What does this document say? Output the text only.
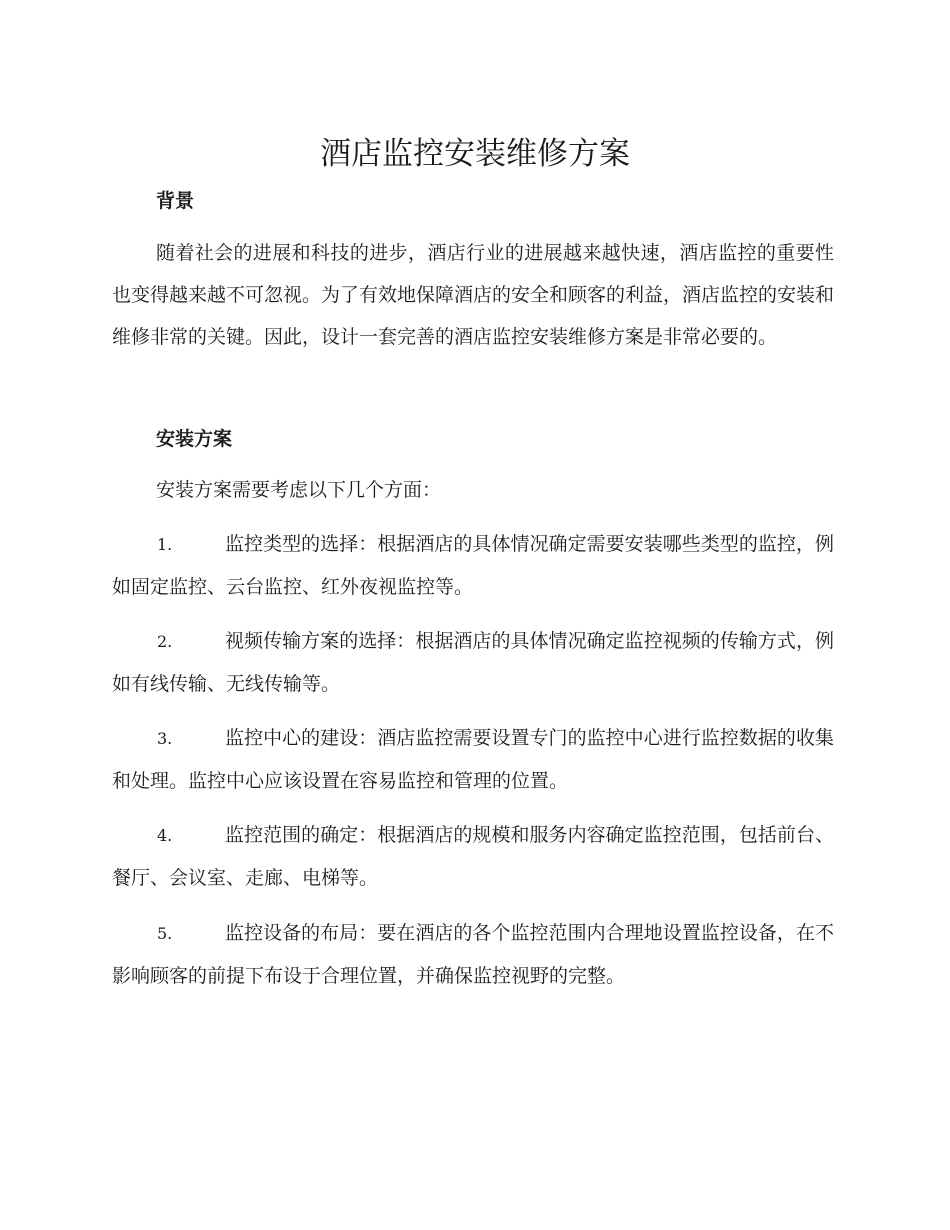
酒店监控安装维修方案
背景

随着社会的进展和科技的进步，酒店行业的进展越来越快速，酒店监控的重要性也变得越来越不可忽视。为了有效地保障酒店的安全和顾客的利益，酒店监控的安装和维修非常的关键。因此，设计一套完善的酒店监控安装维修方案是非常必要的。

安装方案

安装方案需要考虑以下几个方面：

1.	监控类型的选择：根据酒店的具体情况确定需要安装哪些类型的监控，例如固定监控、云台监控、红外夜视监控等。
2.	视频传输方案的选择：根据酒店的具体情况确定监控视频的传输方式，例如有线传输、无线传输等。
3.	监控中心的建设：酒店监控需要设置专门的监控中心进行监控数据的收集和处理。监控中心应该设置在容易监控和管理的位置。
4.	监控范围的确定：根据酒店的规模和服务内容确定监控范围，包括前台、餐厅、会议室、走廊、电梯等。
5.	监控设备的布局：要在酒店的各个监控范围内合理地设置监控设备，在不影响顾客的前提下布设于合理位置，并确保监控视野的完整。
